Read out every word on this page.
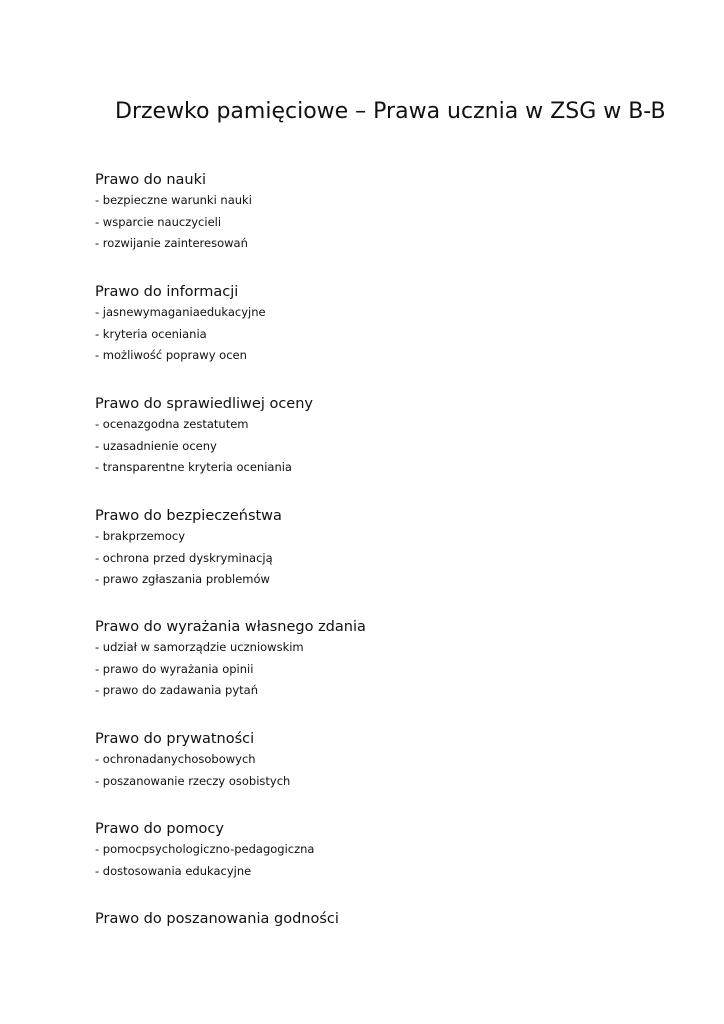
Drzewko pamięciowe – Prawa ucznia w ZSG w B-B
Prawo do nauki
- bezpieczne warunki nauki
- wsparcie nauczycieli
- rozwijanie zainteresowań
Prawo do informacji
- jasnewymaganiaedukacyjne
- kryteria oceniania
- możliwość poprawy ocen
Prawo do sprawiedliwej oceny
- ocenazgodna zestatutem
- uzasadnienie oceny
- transparentne kryteria oceniania
Prawo do bezpieczeństwa
- brakprzemocy
- ochrona przed dyskryminacją
- prawo zgłaszania problemów
Prawo do wyrażania własnego zdania
- udział w samorządzie uczniowskim
- prawo do wyrażania opinii
- prawo do zadawania pytań
Prawo do prywatności
- ochronadanychosobowych
- poszanowanie rzeczy osobistych
Prawo do pomocy
- pomocpsychologiczno-pedagogiczna
- dostosowania edukacyjne
Prawo do poszanowania godności
